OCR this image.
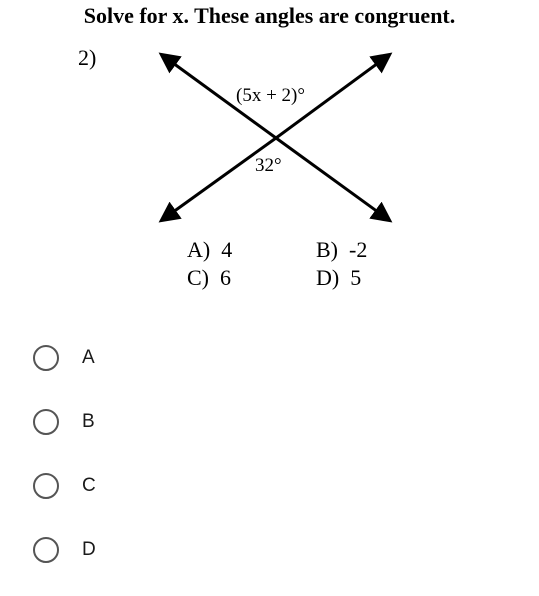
Solve for x. These angles are congruent.
2)
(5x + 2)°
32°
A) 4	B) -2
C) 6	D) 5
A
B
C
D
